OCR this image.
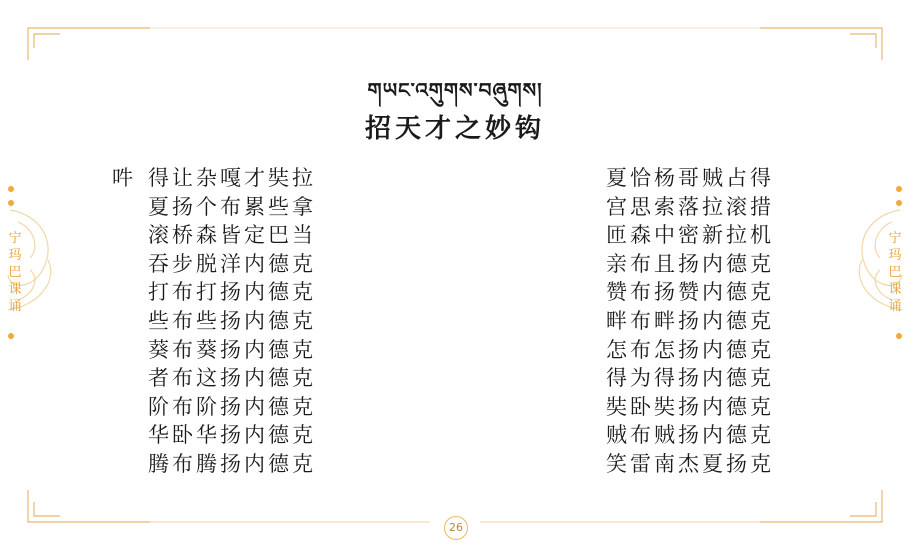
宁
玛
巴
课
诵
宁
玛
巴
课
诵
གཡང་འགུགས་བཞུགས།
招天才之妙钩
吽 得让杂嘎才奘拉
夏扬个布累些拿
滚桥森皆定巴当
吞步脱洋内德克
打布打扬内德克
些布些扬内德克
葵布葵扬内德克
者布这扬内德克
阶布阶扬内德克
华卧华扬内德克
腾布腾扬内德克
夏恰杨哥贼占得
宫思索落拉滚措
匝森中密新拉机
亲布且扬内德克
赞布扬赞内德克
畔布畔扬内德克
怎布怎扬内德克
得为得扬内德克
奘卧奘扬内德克
贼布贼扬内德克
笑雷南杰夏扬克
26
